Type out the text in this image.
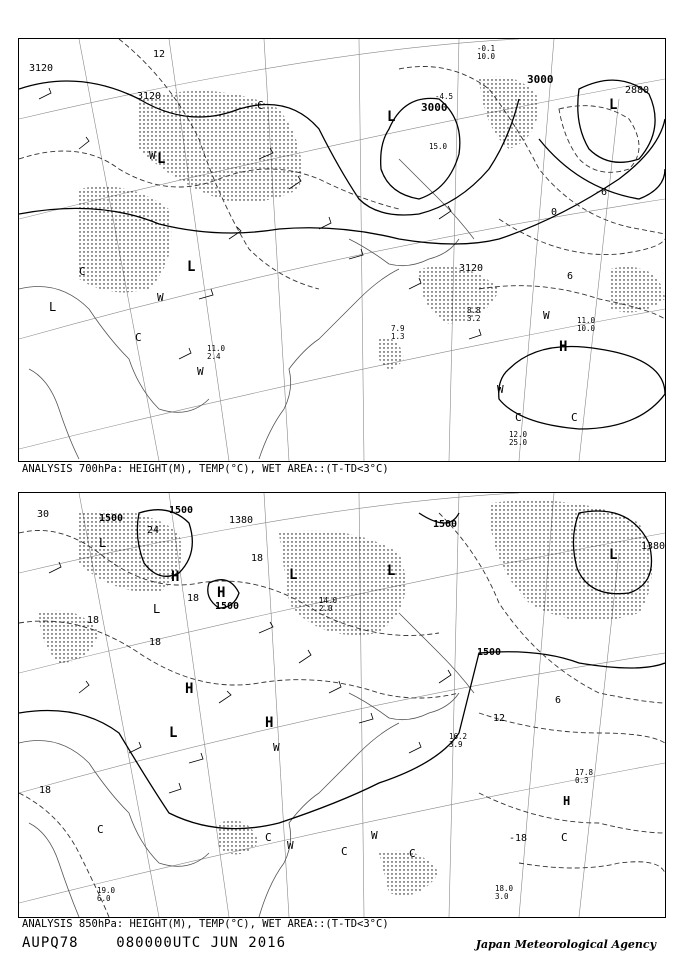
3120
3120
3000
3000
2880
3120
12
-6
0
6
L
L
L
L
H
L
W
W
W
C
C
C	C
C
W
W
11.0
10.0
8.8
3.2
12.0
25.0
-0.1
10.0
7.9
1.3
11.0
2.4
-4.5
15.0
ANALYSIS 700hPa: HEIGHT(M), TEMP(°C), WET AREA::(T-TD<3°C)
1500
1500
1500
1500
1500
1380
1380
30
24
18
18
18
18
12
6
-18
18
H
H
L	L
L
H
L
H
L
H
L
C
W	C	C
C
W
W
C
17.8
0.3
18.0
3.0
16.2
3.9
19.0
6.0
14.0
2.0
ANALYSIS 850hPa: HEIGHT(M), TEMP(°C), WET AREA::(T-TD<3°C)
AUPQ78    080000UTC JUN 2016	Japan Meteorological Agency
